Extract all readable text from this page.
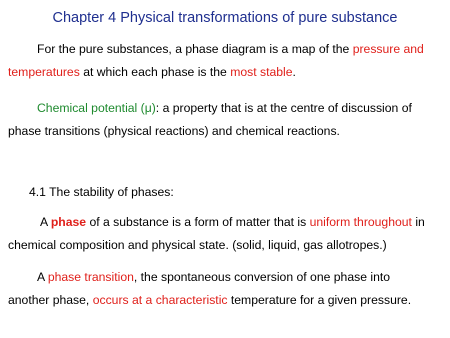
Chapter 4 Physical transformations of pure substance
For the pure substances, a phase diagram is a map of the pressure and
temperatures at which each phase is the most stable.
Chemical potential (μ): a property that is at the centre of discussion of
phase transitions (physical reactions) and chemical reactions.
4.1 The stability of phases:
A phase of a substance is a form of matter that is uniform throughout in
chemical composition and physical state. (solid, liquid, gas allotropes.)
A phase transition, the spontaneous conversion of one phase into
another phase, occurs at a characteristic temperature for a given pressure.
